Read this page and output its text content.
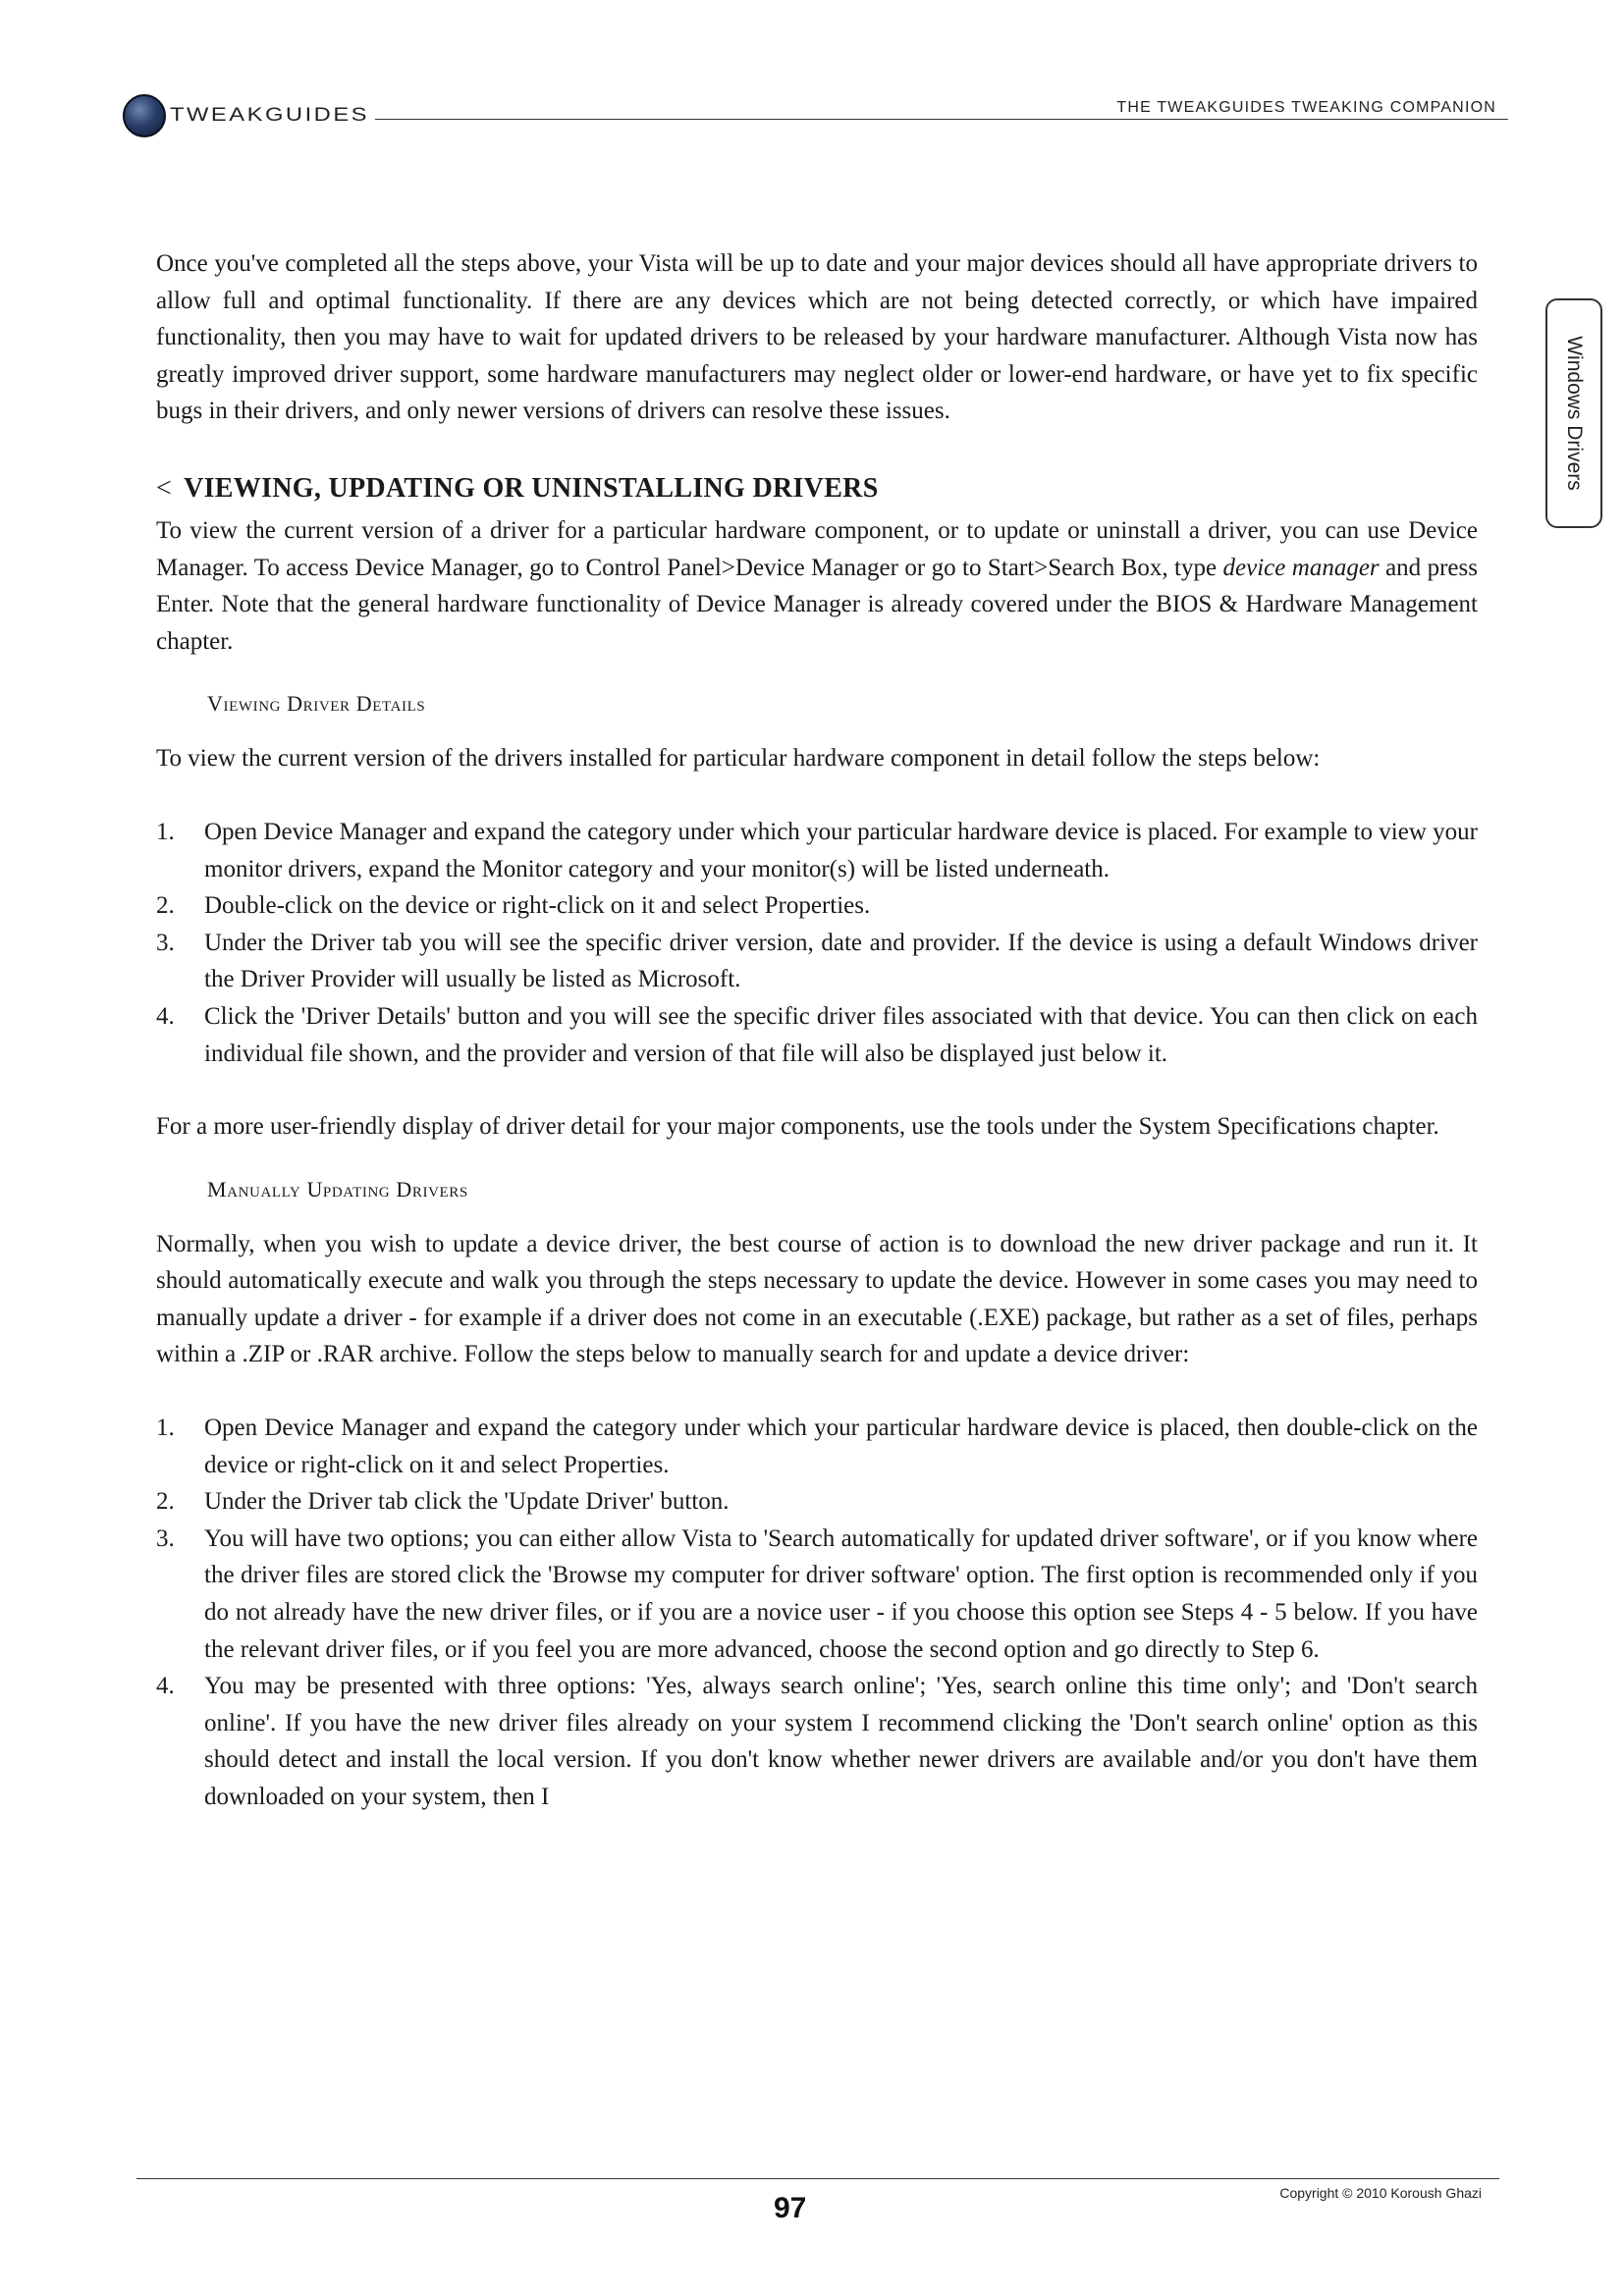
TWEAKGUIDES	THE TWEAKGUIDES TWEAKING COMPANION
Windows Drivers

Once you've completed all the steps above, your Vista will be up to date and your major devices should all have appropriate drivers to allow full and optimal functionality. If there are any devices which are not being detected correctly, or which have impaired functionality, then you may have to wait for updated drivers to be released by your hardware manufacturer. Although Vista now has greatly improved driver support, some hardware manufacturers may neglect older or lower-end hardware, or have yet to fix specific bugs in their drivers, and only newer versions of drivers can resolve these issues.

< VIEWING, UPDATING OR UNINSTALLING DRIVERS

To view the current version of a driver for a particular hardware component, or to update or uninstall a driver, you can use Device Manager. To access Device Manager, go to Control Panel>Device Manager or go to Start>Search Box, type device manager and press Enter. Note that the general hardware functionality of Device Manager is already covered under the BIOS & Hardware Management chapter.

Viewing Driver Details

To view the current version of the drivers installed for particular hardware component in detail follow the steps below:

1. Open Device Manager and expand the category under which your particular hardware device is placed. For example to view your monitor drivers, expand the Monitor category and your monitor(s) will be listed underneath.
2. Double-click on the device or right-click on it and select Properties.
3. Under the Driver tab you will see the specific driver version, date and provider. If the device is using a default Windows driver the Driver Provider will usually be listed as Microsoft.
4. Click the 'Driver Details' button and you will see the specific driver files associated with that device. You can then click on each individual file shown, and the provider and version of that file will also be displayed just below it.

For a more user-friendly display of driver detail for your major components, use the tools under the System Specifications chapter.

Manually Updating Drivers

Normally, when you wish to update a device driver, the best course of action is to download the new driver package and run it. It should automatically execute and walk you through the steps necessary to update the device. However in some cases you may need to manually update a driver - for example if a driver does not come in an executable (.EXE) package, but rather as a set of files, perhaps within a .ZIP or .RAR archive. Follow the steps below to manually search for and update a device driver:

1. Open Device Manager and expand the category under which your particular hardware device is placed, then double-click on the device or right-click on it and select Properties.
2. Under the Driver tab click the 'Update Driver' button.
3. You will have two options; you can either allow Vista to 'Search automatically for updated driver software', or if you know where the driver files are stored click the 'Browse my computer for driver software' option. The first option is recommended only if you do not already have the new driver files, or if you are a novice user - if you choose this option see Steps 4 - 5 below. If you have the relevant driver files, or if you feel you are more advanced, choose the second option and go directly to Step 6.
4. You may be presented with three options: 'Yes, always search online'; 'Yes, search online this time only'; and 'Don't search online'. If you have the new driver files already on your system I recommend clicking the 'Don't search online' option as this should detect and install the local version. If you don't know whether newer drivers are available and/or you don't have them downloaded on your system, then I
Copyright © 2010 Koroush Ghazi
97
